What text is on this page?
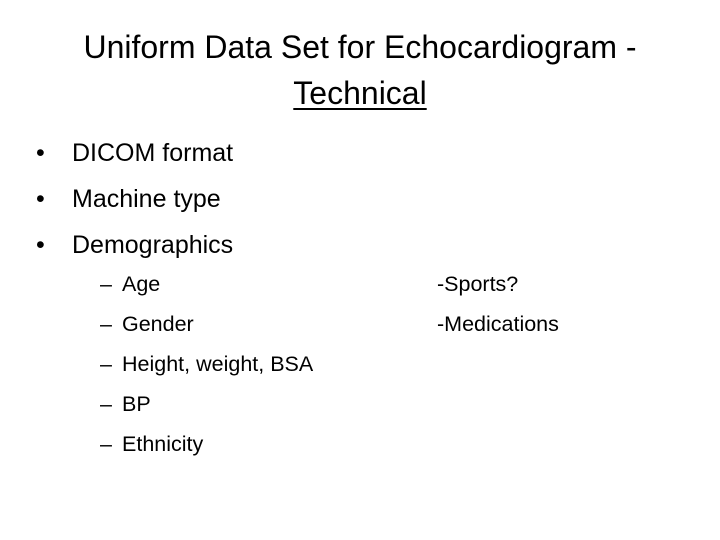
Uniform Data Set for Echocardiogram -
Technical
• DICOM format
• Machine type
• Demographics
– Age
– Gender
– Height, weight, BSA
– BP
– Ethnicity
-Sports?
-Medications
